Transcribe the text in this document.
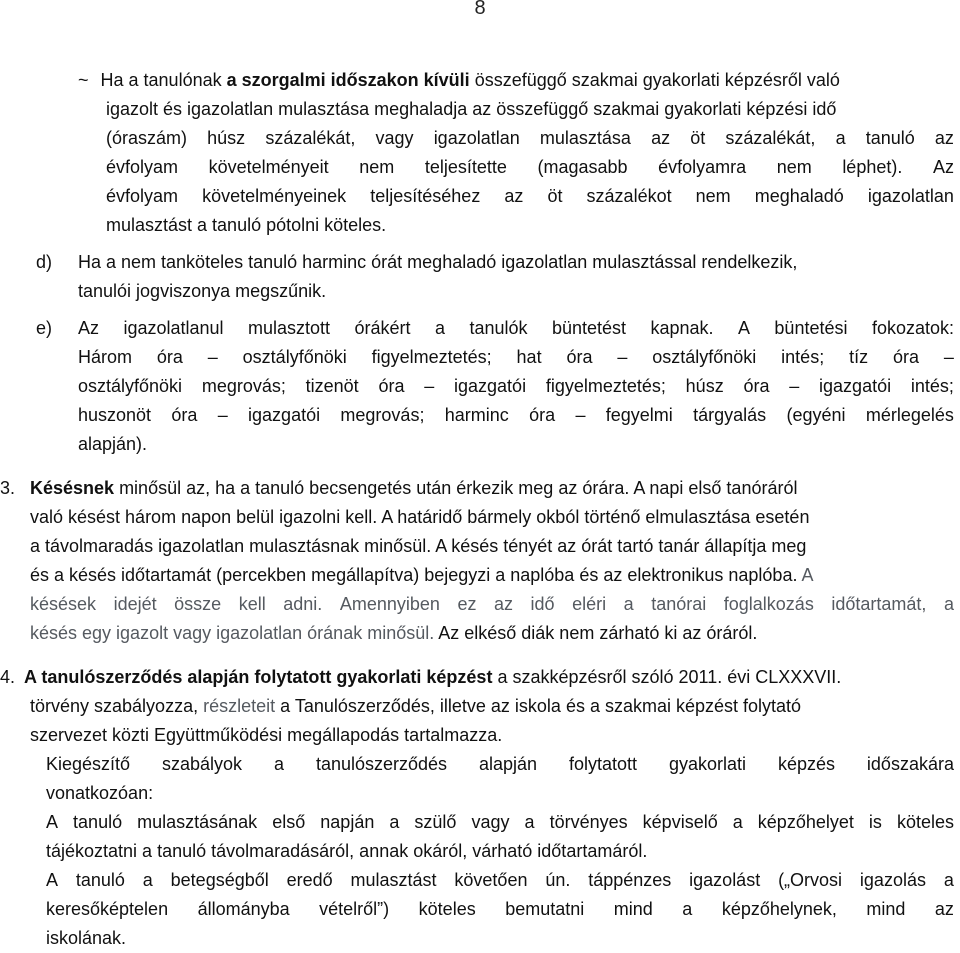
8
~ Ha a tanulónak a szorgalmi időszakon kívüli összefüggő szakmai gyakorlati képzésről való
igazolt és igazolatlan mulasztása meghaladja az összefüggő szakmai gyakorlati képzési idő
(óraszám) húsz százalékát, vagy igazolatlan mulasztása az öt százalékát, a tanuló az
évfolyam követelményeit nem teljesítette (magasabb évfolyamra nem léphet). Az
évfolyam követelményeinek teljesítéséhez az öt százalékot nem meghaladó igazolatlan
mulasztást a tanuló pótolni köteles.
d) Ha a nem tanköteles tanuló harminc órát meghaladó igazolatlan mulasztással rendelkezik,
tanulói jogviszonya megszűnik.
e) Az igazolatlanul mulasztott órákért a tanulók büntetést kapnak. A büntetési fokozatok:
Három óra – osztályfőnöki figyelmeztetés; hat óra – osztályfőnöki intés; tíz óra –
osztályfőnöki megrovás; tizenöt óra – igazgatói figyelmeztetés; húsz óra – igazgatói intés;
huszonöt óra – igazgatói megrovás; harminc óra – fegyelmi tárgyalás (egyéni mérlegelés
alapján).
3. Késésnek minősül az, ha a tanuló becsengetés után érkezik meg az órára. A napi első tanóráról
való késést három napon belül igazolni kell. A határidő bármely okból történő elmulasztása esetén
a távolmaradás igazolatlan mulasztásnak minősül. A késés tényét az órát tartó tanár állapítja meg
és a késés időtartamát (percekben megállapítva) bejegyzi a naplóba és az elektronikus naplóba. A
késések idejét össze kell adni. Amennyiben ez az idő eléri a tanórai foglalkozás időtartamát, a
késés egy igazolt vagy igazolatlan órának minősül. Az elkéső diák nem zárható ki az óráról.
4. A tanulószerződés alapján folytatott gyakorlati képzést a szakképzésről szóló 2011. évi CLXXXVII.
törvény szabályozza, részleteit a Tanulószerződés, illetve az iskola és a szakmai képzést folytató
szervezet közti Együttműködési megállapodás tartalmazza.
Kiegészítő szabályok a tanulószerződés alapján folytatott gyakorlati képzés időszakára
vonatkozóan:
A tanuló mulasztásának első napján a szülő vagy a törvényes képviselő a képzőhelyet is köteles
tájékoztatni a tanuló távolmaradásáról, annak okáról, várható időtartamáról.
A tanuló a betegségből eredő mulasztást követően ún. táppénzes igazolást („Orvosi igazolás a
keresőképtelen állományba vételről”) köteles bemutatni mind a képzőhelynek, mind az
iskolának.
